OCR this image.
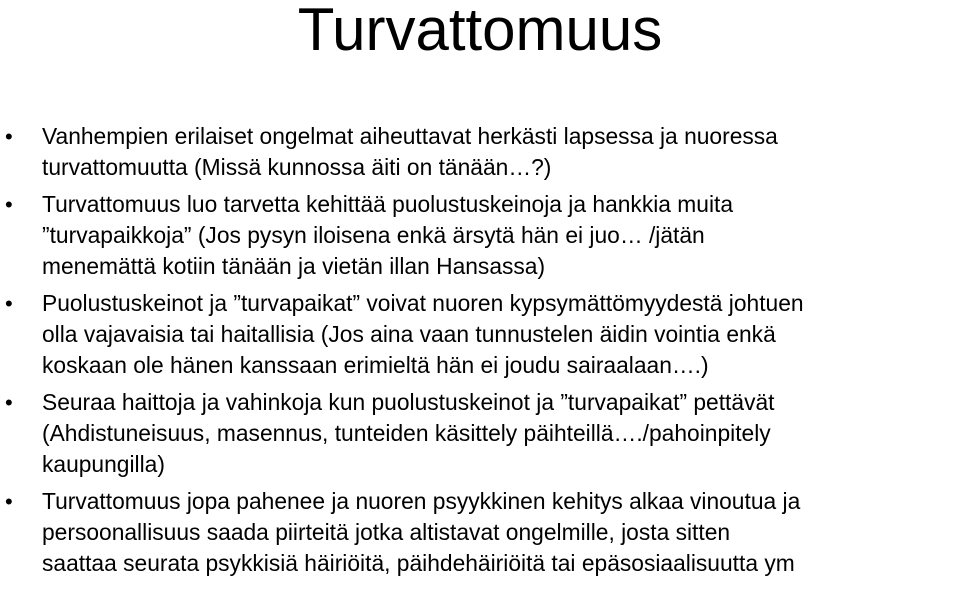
Turvattomuus
• Vanhempien erilaiset ongelmat aiheuttavat herkästi lapsessa ja nuoressa
turvattomuutta (Missä kunnossa äiti on tänään…?)
• Turvattomuus luo tarvetta kehittää puolustuskeinoja ja hankkia muita
”turvapaikkoja” (Jos pysyn iloisena enkä ärsytä hän ei juo… /jätän
menemättä kotiin tänään ja vietän illan Hansassa)
• Puolustuskeinot ja ”turvapaikat” voivat nuoren kypsymättömyydestä johtuen
olla vajavaisia tai haitallisia (Jos aina vaan tunnustelen äidin vointia enkä
koskaan ole hänen kanssaan erimieltä hän ei joudu sairaalaan….)
• Seuraa haittoja ja vahinkoja kun puolustuskeinot ja ”turvapaikat” pettävät
(Ahdistuneisuus, masennus, tunteiden käsittely päihteillä…./pahoinpitely
kaupungilla)
• Turvattomuus jopa pahenee ja nuoren psyykkinen kehitys alkaa vinoutua ja
persoonallisuus saada piirteitä jotka altistavat ongelmille, josta sitten
saattaa seurata psykkisiä häiriöitä, päihdehäiriöitä tai epäsosiaalisuutta ym
